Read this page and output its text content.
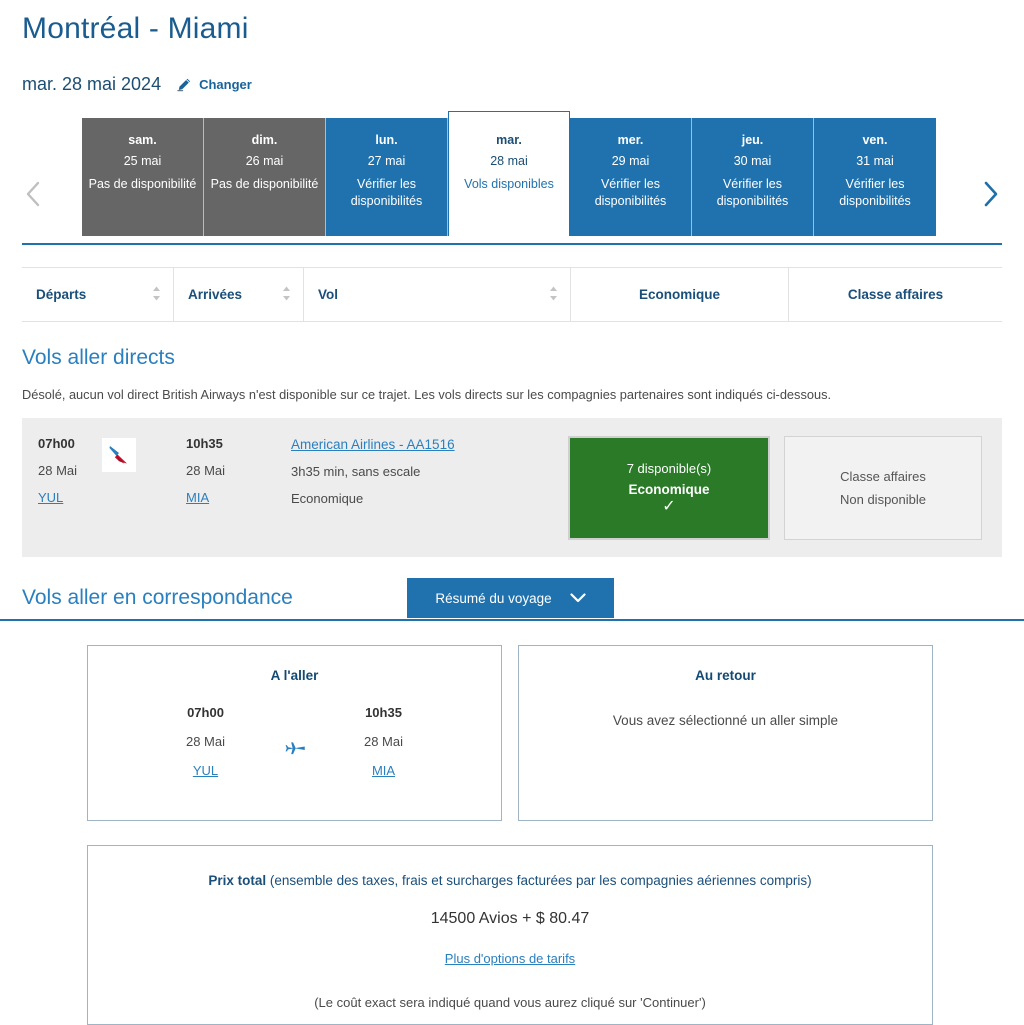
Montréal - Miami
mar. 28 mai 2024	Changer
sam.
25 mai
Pas de disponibilité
dim.
26 mai
Pas de disponibilité
lun.
27 mai
Vérifier les disponibilités
mar.
28 mai
Vols disponibles
mer.
29 mai
Vérifier les disponibilités
jeu.
30 mai
Vérifier les disponibilités
ven.
31 mai
Vérifier les disponibilités
Départs	Arrivées	Vol	Economique	Classe affaires
Vols aller directs
Désolé, aucun vol direct British Airways n'est disponible sur ce trajet. Les vols directs sur les compagnies partenaires sont indiqués ci-dessous.
07h00
28 Mai
YUL
10h35
28 Mai
MIA
American Airlines - AA1516
3h35 min, sans escale
Economique
7 disponible(s)
Economique
✓
Classe affaires
Non disponible
Vols aller en correspondance	Résumé du voyage
A l'aller
07h00
28 Mai
YUL
10h35
28 Mai
MIA
Au retour
Vous avez sélectionné un aller simple
Prix total (ensemble des taxes, frais et surcharges facturées par les compagnies aériennes compris)
14500 Avios + $ 80.47
Plus d'options de tarifs
(Le coût exact sera indiqué quand vous aurez cliqué sur 'Continuer')
